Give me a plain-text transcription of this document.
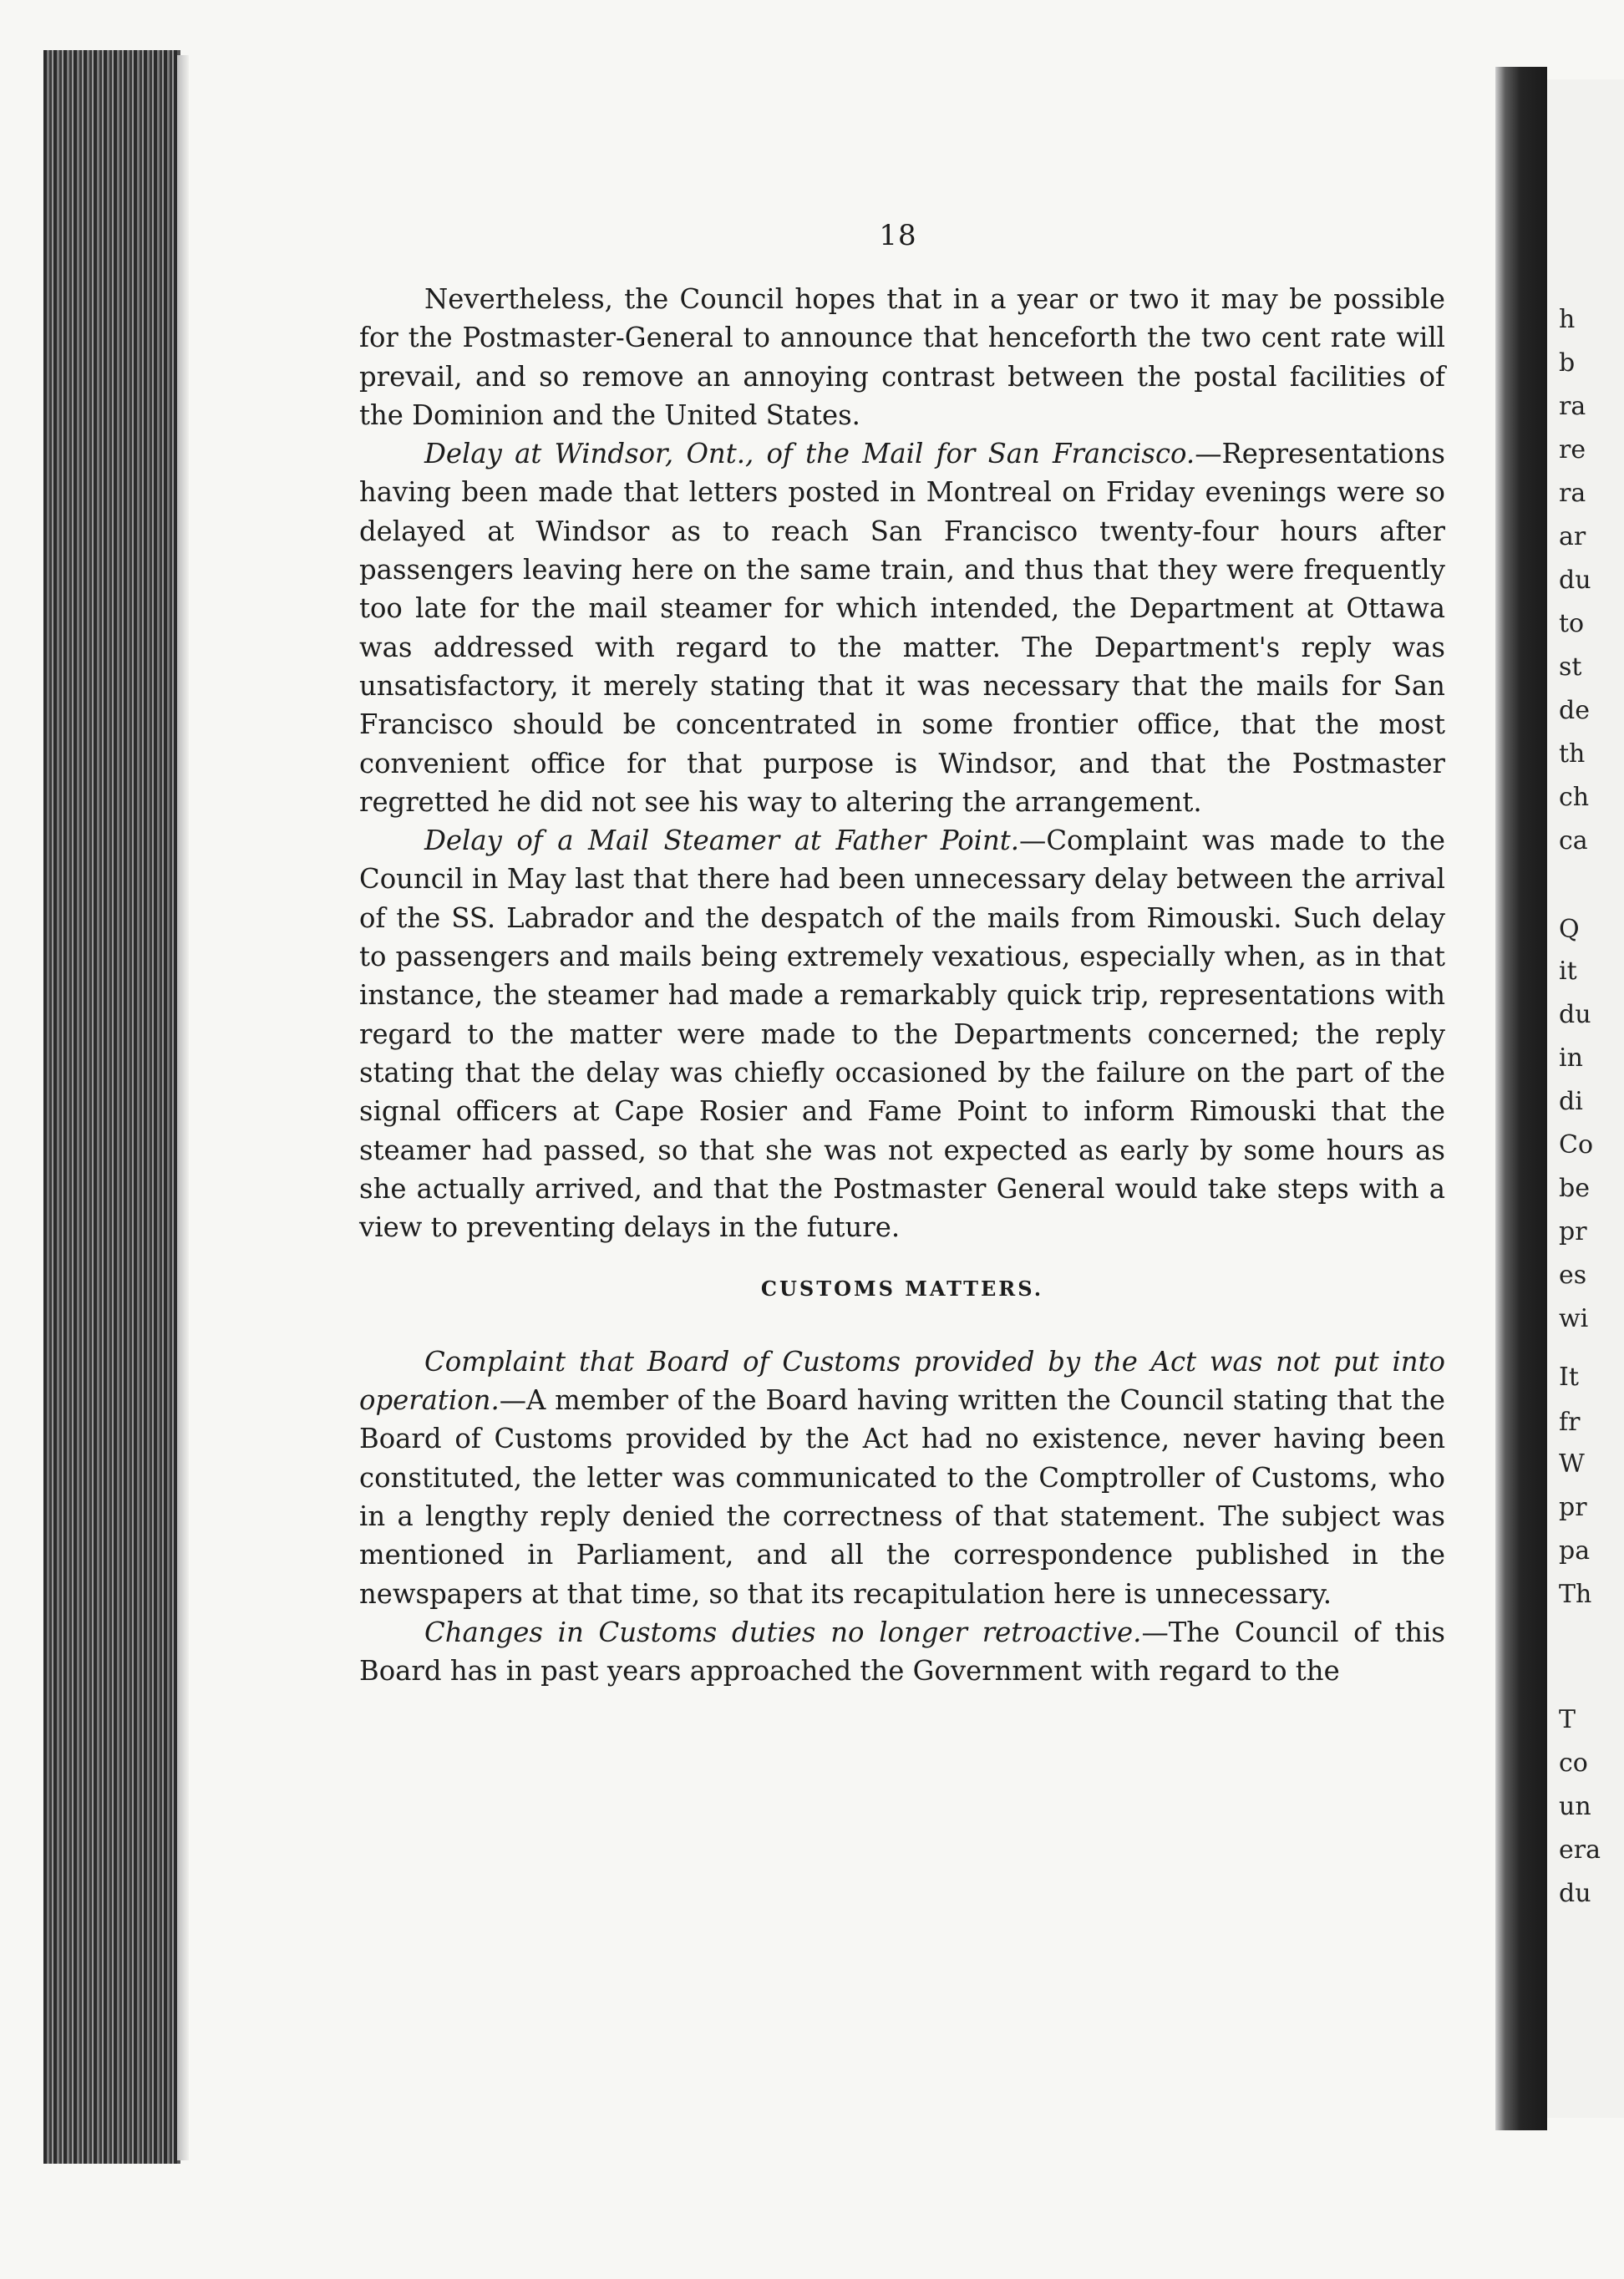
h
b
ra
re
ra
ar
du
to
st
de
th
ch
ca
Q
it
du
in
di
Co
be
pr
es
wi
It
fr
W
pr
pa
Th
T
co
un
era
du
18

Nevertheless, the Council hopes that in a year or two it may be possible for the Postmaster-General to announce that henceforth the two cent rate will prevail, and so remove an annoying contrast between the postal facilities of the Dominion and the United States.

Delay at Windsor, Ont., of the Mail for San Francisco.—Representations having been made that letters posted in Montreal on Friday evenings were so delayed at Windsor as to reach San Francisco twenty-four hours after passengers leaving here on the same train, and thus that they were frequently too late for the mail steamer for which intended, the Department at Ottawa was addressed with regard to the matter. The Department's reply was unsatisfactory, it merely stating that it was necessary that the mails for San Francisco should be concentrated in some frontier office, that the most convenient office for that purpose is Windsor, and that the Postmaster regretted he did not see his way to altering the arrangement.

Delay of a Mail Steamer at Father Point.—Complaint was made to the Council in May last that there had been unnecessary delay between the arrival of the SS. Labrador and the despatch of the mails from Rimouski. Such delay to passengers and mails being extremely vexatious, especially when, as in that instance, the steamer had made a remarkably quick trip, representations with regard to the matter were made to the Departments concerned; the reply stating that the delay was chiefly occasioned by the failure on the part of the signal officers at Cape Rosier and Fame Point to inform Rimouski that the steamer had passed, so that she was not expected as early by some hours as she actually arrived, and that the Postmaster General would take steps with a view to preventing delays in the future.

CUSTOMS MATTERS.

Complaint that Board of Customs provided by the Act was not put into operation.—A member of the Board having written the Council stating that the Board of Customs provided by the Act had no existence, never having been constituted, the letter was communicated to the Comptroller of Customs, who in a lengthy reply denied the correctness of that statement. The subject was mentioned in Parliament, and all the correspondence published in the newspapers at that time, so that its recapitulation here is unnecessary.

Changes in Customs duties no longer retroactive.—The Council of this Board has in past years approached the Government with regard to the
